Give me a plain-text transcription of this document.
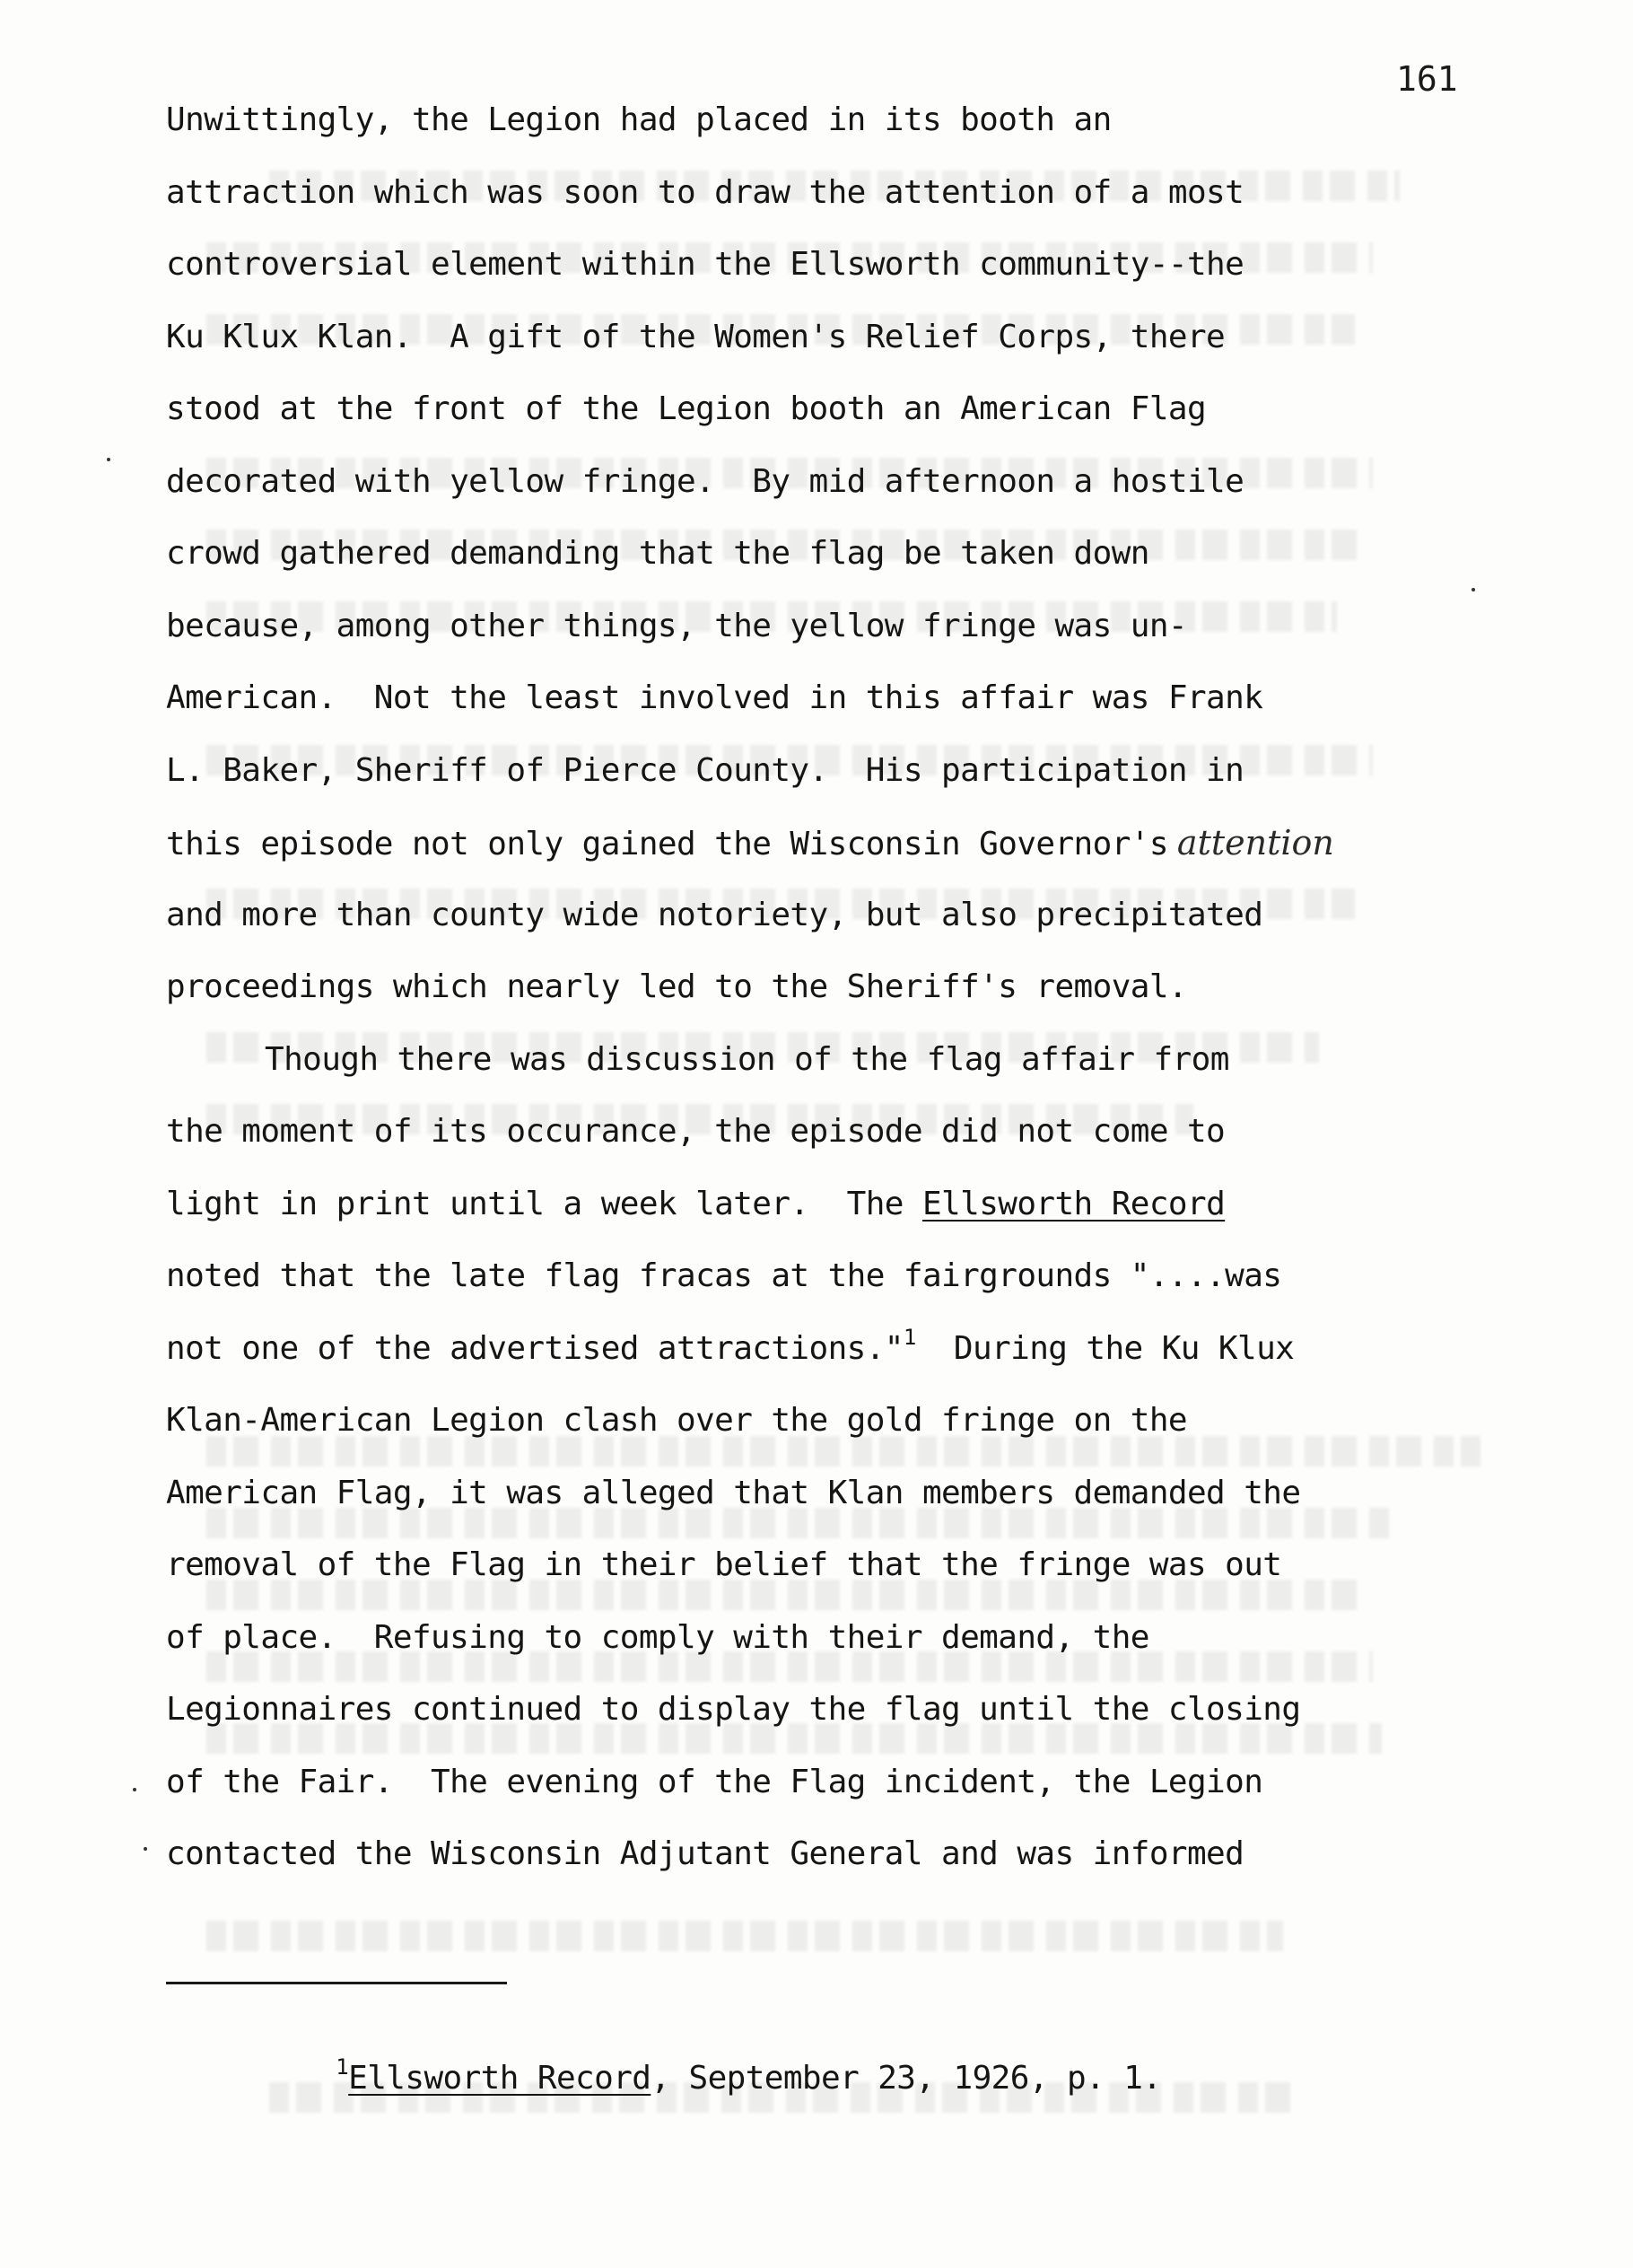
161
Unwittingly, the Legion had placed in its booth an
attraction which was soon to draw the attention of a most
controversial element within the Ellsworth community--the
Ku Klux Klan.  A gift of the Women's Relief Corps, there
stood at the front of the Legion booth an American Flag
decorated with yellow fringe.  By mid afternoon a hostile
crowd gathered demanding that the flag be taken down
because, among other things, the yellow fringe was un-
American.  Not the least involved in this affair was Frank
L. Baker, Sheriff of Pierce County.  His participation in
this episode not only gained the Wisconsin Governor's attention
and more than county wide notoriety, but also precipitated
proceedings which nearly led to the Sheriff's removal.
Though there was discussion of the flag affair from
the moment of its occurance, the episode did not come to
light in print until a week later.  The Ellsworth Record
noted that the late flag fracas at the fairgrounds "....was
not one of the advertised attractions."$^1$  During the Ku Klux
Klan-American Legion clash over the gold fringe on the
American Flag, it was alleged that Klan members demanded the
removal of the Flag in their belief that the fringe was out
of place.  Refusing to comply with their demand, the
Legionnaires continued to display the flag until the closing
of the Fair.  The evening of the Flag incident, the Legion
contacted the Wisconsin Adjutant General and was informed

$^1$Ellsworth Record, September 23, 1926, p. 1.
